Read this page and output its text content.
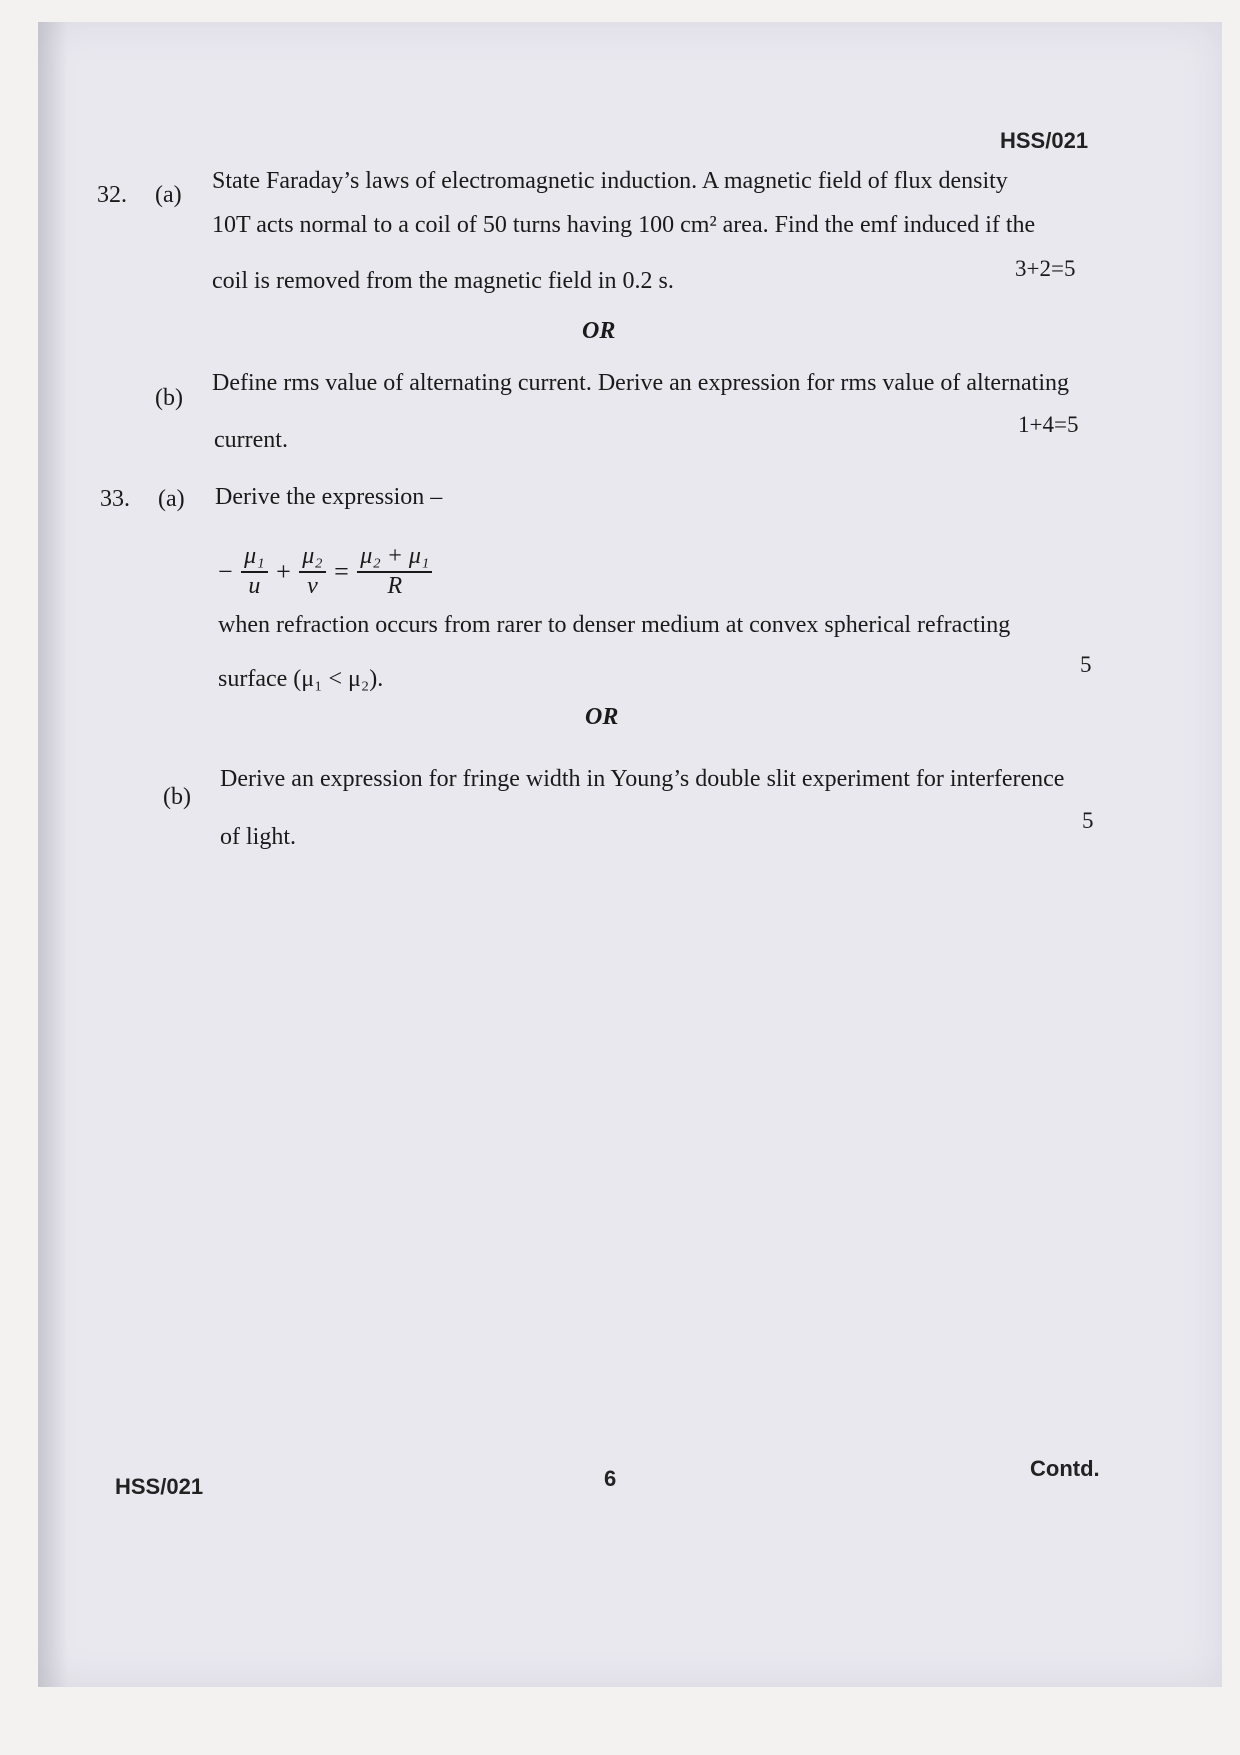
HSS/021
32. (a)
State Faraday’s laws of electromagnetic induction. A magnetic field of flux density
10T acts normal to a coil of 50 turns having 100 cm² area. Find the emf induced if the
coil is removed from the magnetic field in 0.2 s.	3+2=5
OR
(b)
Define rms value of alternating current. Derive an expression for rms value of alternating
current.
1+4=5
33. (a) Derive the expression –
− $\frac{\text{μ₁}}{u} + \frac{\text{μ₂}}{v} = \frac{\text{μ₂ + μ₁}}{R}$
when refraction occurs from rarer to denser medium at convex spherical refracting
surface (μ₁ < μ₂).
5
OR
(b)
Derive an expression for fringe width in Young’s double slit experiment for interference
of light.
5
HSS/021	6	Contd.
